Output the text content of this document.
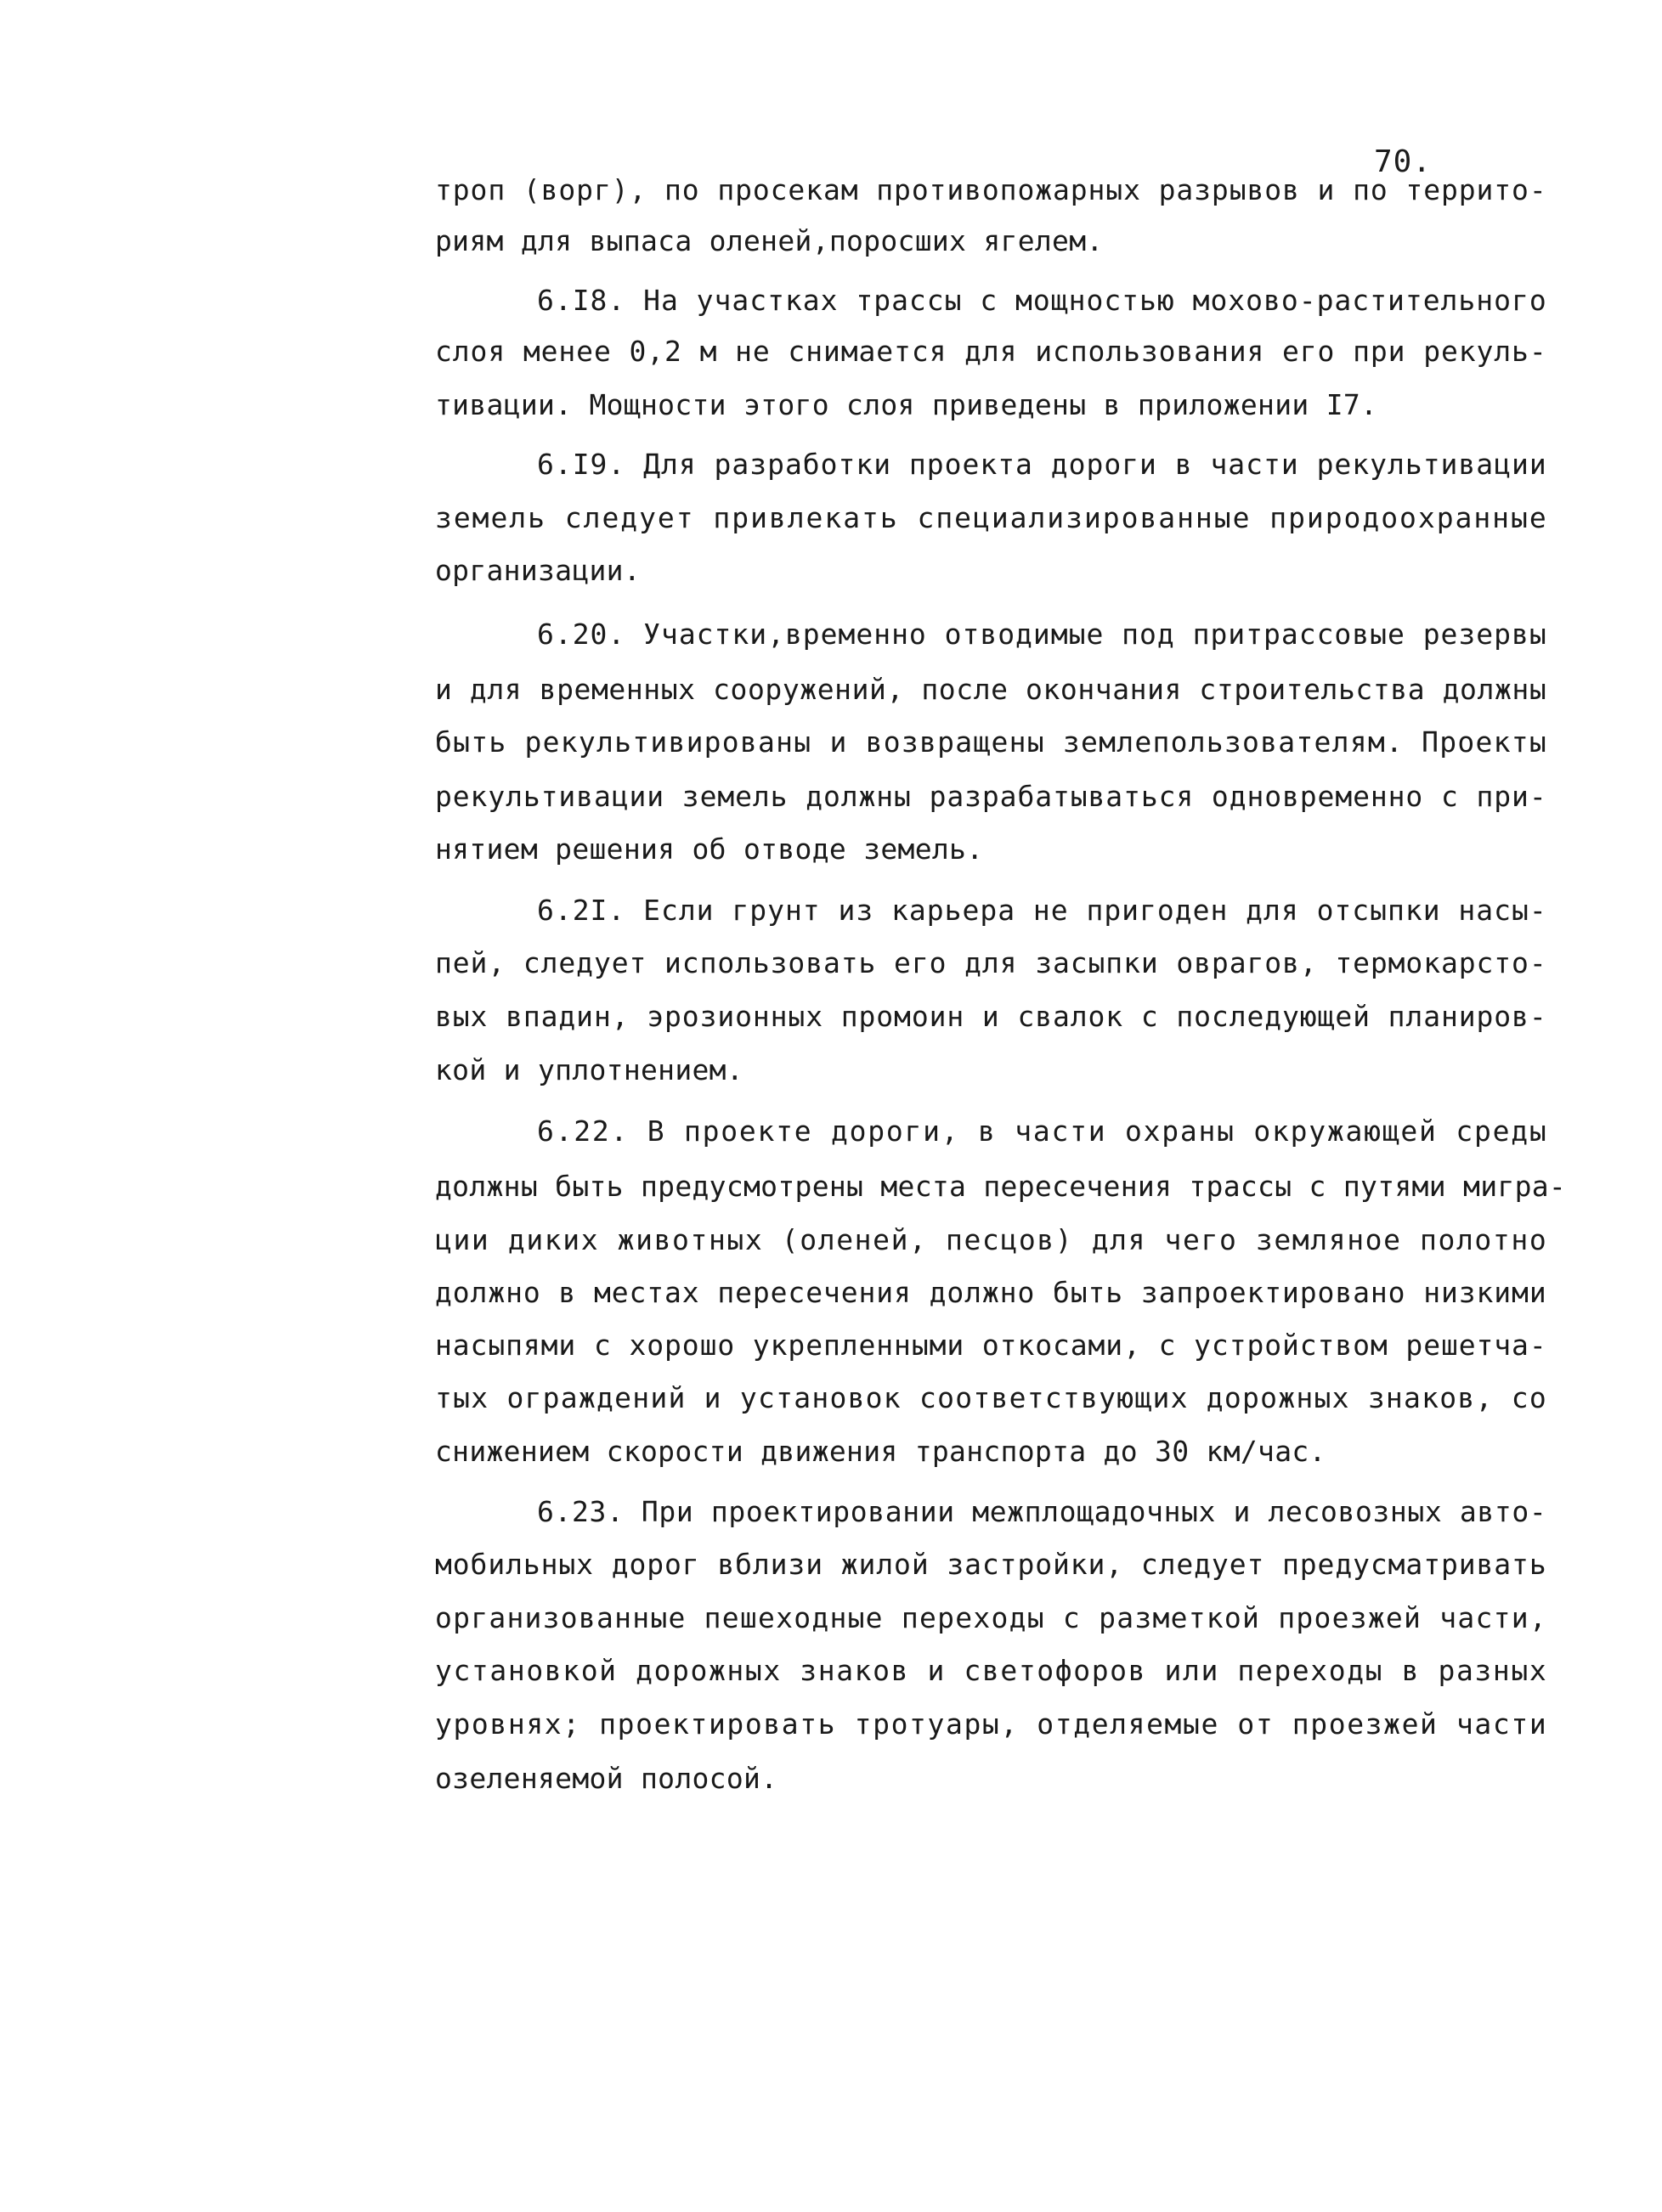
70.
троп (ворг), по просекам противопожарных разрывов и по террито-
риям для выпаса оленей,поросших ягелем.
6.I8. На участках трассы с мощностью мохово-растительного
слоя менее 0,2 м не снимается для использования его при рекуль-
тивации. Мощности этого слоя приведены в приложении I7.
6.I9. Для разработки проекта дороги в части рекультивации
земель следует привлекать специализированные природоохранные
организации.
6.20. Участки,временно отводимые под притрассовые резервы
и для временных сооружений, после окончания строительства должны
быть рекультивированы и возвращены землепользователям. Проекты
рекультивации земель должны разрабатываться одновременно с при-
нятием решения об отводе земель.
6.2I. Если грунт из карьера не пригоден для отсыпки насы-
пей, следует использовать его для засыпки оврагов, термокарсто-
вых впадин, эрозионных промоин и свалок с последующей планиров-
кой и уплотнением.
6.22. В проекте дороги, в части охраны окружающей среды
должны быть предусмотрены места пересечения трассы с путями мигра-
ции диких животных (оленей, песцов) для чего земляное полотно
должно в местах пересечения должно быть запроектировано низкими
насыпями с хорошо укрепленными откосами, с устройством решетча-
тых ограждений и установок соответствующих дорожных знаков, со
снижением скорости движения транспорта до 30 км/час.
6.23. При проектировании межплощадочных и лесовозных авто-
мобильных дорог вблизи жилой застройки, следует предусматривать
организованные пешеходные переходы с разметкой проезжей части,
установкой дорожных знаков и светофоров или переходы в разных
уровнях; проектировать тротуары, отделяемые от проезжей части
озеленяемой полосой.
